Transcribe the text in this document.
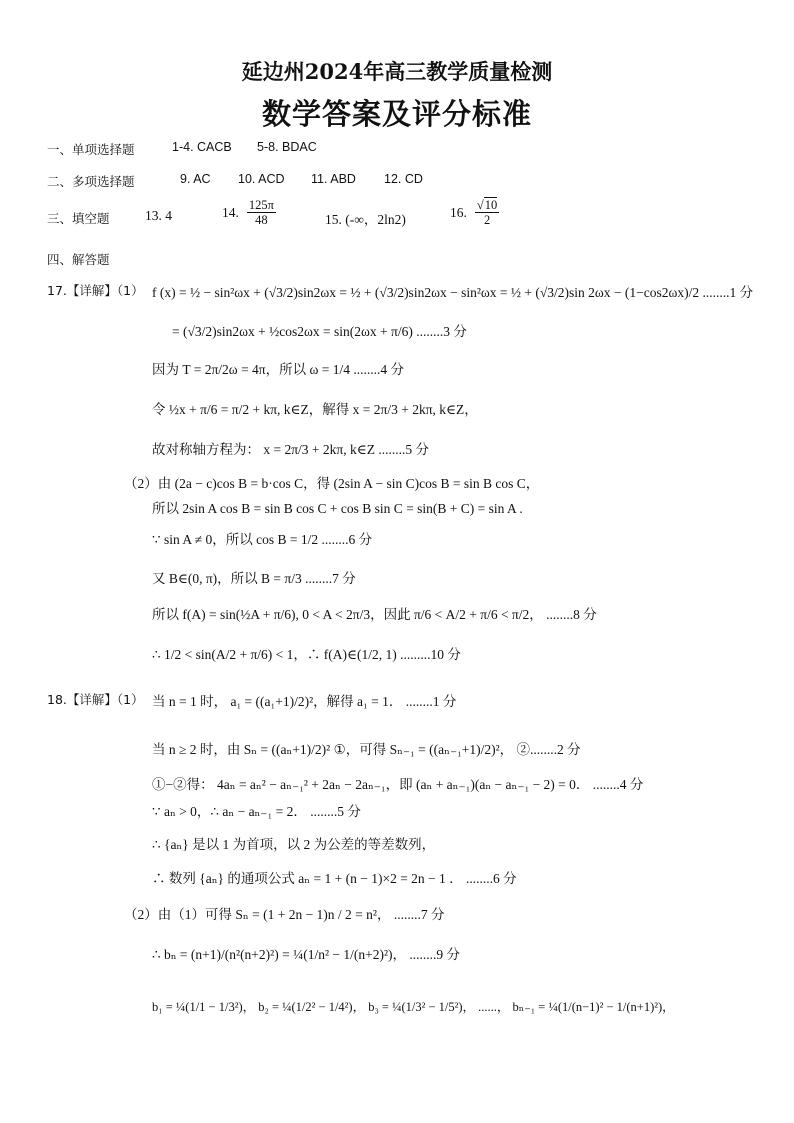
延边州2024年高三教学质量检测
数学答案及评分标准
一、单项选择题	1-4. CACB 5-8. BDAC
二、多项选择题	9. AC 10. ACD 11. ABD 12. CD
三、填空题	13. 4	14. $\frac{125\pi}{48}$	15. (-∞，2ln2)	16. $\frac{√10}{2}$
四、解答题
17.【详解】（1） f (x) = ½ − sin²ωx + (√3/2)sin2ωx = ½ + (√3/2)sin2ωx − sin²ωx = ½ + (√3/2)sin 2ωx − (1−cos2ωx)/2 ........1 分
= (√3/2)sin2ωx + ½cos2ωx = sin(2ωx + π/6) ........3 分
因为 T = 2π/2ω = 4π，所以 ω = 1/4 ........4 分
令 ½x + π/6 = π/2 + kπ, k∈Z，解得 x = 2π/3 + 2kπ, k∈Z，
故对称轴方程为： x = 2π/3 + 2kπ, k∈Z ........5 分
（2）由 (2a − c)cos B = b·cos C，得 (2sin A − sin C)cos B = sin B cos C，
所以 2sin A cos B = sin B cos C + cos B sin C = sin(B + C) = sin A .
∵ sin A ≠ 0，所以 cos B = 1/2 ........6 分
又 B∈(0, π)，所以 B = π/3 ........7 分
所以 f(A) = sin(½A + π/6), 0 < A < 2π/3，因此 π/6 < A/2 + π/6 < π/2， ........8 分
∴ 1/2 < sin(A/2 + π/6) < 1，∴ f(A)∈(1/2, 1) .........10 分
18.【详解】（1） 当 n = 1 时， a₁ = ((a₁+1)/2)²，解得 a₁ = 1． ........1 分
当 n ≥ 2 时，由 Sₙ = ((aₙ+1)/2)² ①，可得 Sₙ₋₁ = ((aₙ₋₁+1)/2)²， ②........2 分
①−②得： 4aₙ = aₙ² − aₙ₋₁² + 2aₙ − 2aₙ₋₁，即 (aₙ + aₙ₋₁)(aₙ − aₙ₋₁ − 2) = 0． ........4 分
∵ aₙ > 0，∴ aₙ − aₙ₋₁ = 2． ........5 分
∴ {aₙ} 是以 1 为首项，以 2 为公差的等差数列，
∴ 数列 {aₙ} 的通项公式 aₙ = 1 + (n − 1)×2 = 2n − 1 ． ........6 分
（2）由（1）可得 Sₙ = (1 + 2n − 1)n / 2 = n²， ........7 分
∴ bₙ = (n+1)/(n²(n+2)²) = ¼(1/n² − 1/(n+2)²)， ........9 分
b₁ = ¼(1/1 − 1/3²)， b₂ = ¼(1/2² − 1/4²)， b₃ = ¼(1/3² − 1/5²)， ......， bₙ₋₁ = ¼(1/(n−1)² − 1/(n+1)²)，
